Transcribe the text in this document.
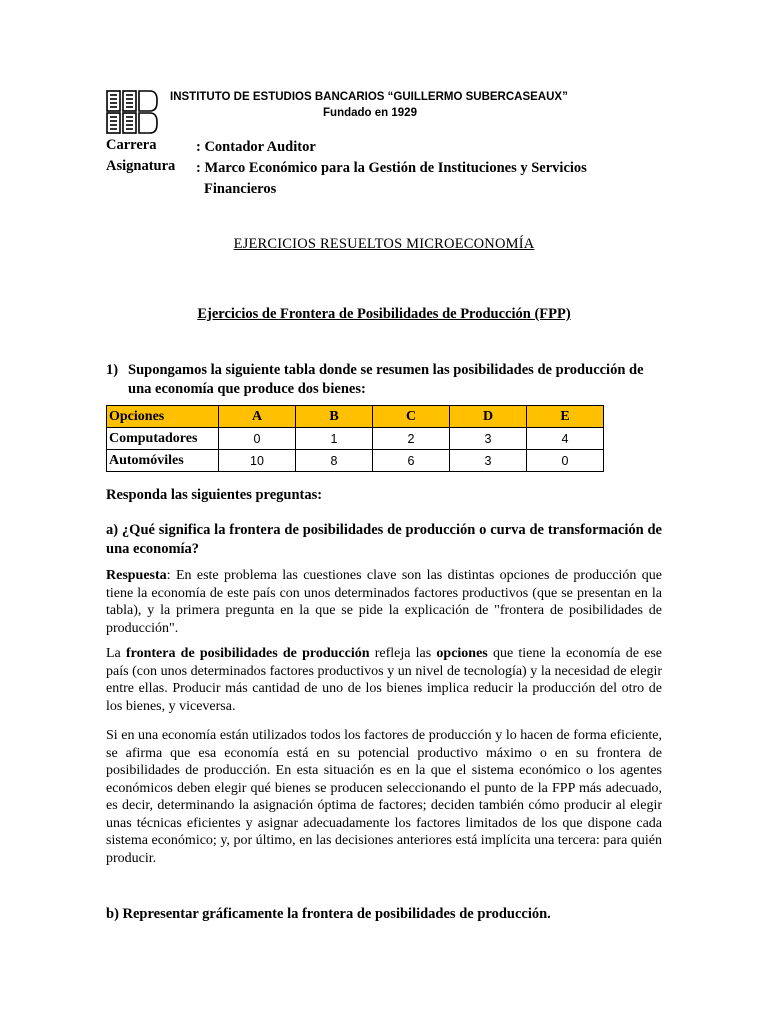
INSTITUTO DE ESTUDIOS BANCARIOS “GUILLERMO SUBERCASEAUX”
Fundado en 1929
Carrera	: Contador Auditor
Asignatura : Marco Económico para la Gestión de Instituciones y Servicios
Financieros
EJERCICIOS RESUELTOS MICROECONOMÍA
Ejercicios de Frontera de Posibilidades de Producción (FPP)
1) Supongamos la siguiente tabla donde se resumen las posibilidades de producción de una economía que produce dos bienes:
Opciones	A	B	C	D	E
Computadores	0	1	2	3	4
Automóviles	10	8	6	3	0
Responda las siguientes preguntas:
a) ¿Qué significa la frontera de posibilidades de producción o curva de transformación de una economía?
Respuesta: En este problema las cuestiones clave son las distintas opciones de producción que tiene la economía de este país con unos determinados factores productivos (que se presentan en la tabla), y la primera pregunta en la que se pide la explicación de "frontera de posibilidades de producción".
La frontera de posibilidades de producción refleja las opciones que tiene la economía de ese país (con unos determinados factores productivos y un nivel de tecnología) y la necesidad de elegir entre ellas. Producir más cantidad de uno de los bienes implica reducir la producción del otro de los bienes, y viceversa.
Si en una economía están utilizados todos los factores de producción y lo hacen de forma eficiente, se afirma que esa economía está en su potencial productivo máximo o en su frontera de posibilidades de producción. En esta situación es en la que el sistema económico o los agentes económicos deben elegir qué bienes se producen seleccionando el punto de la FPP más adecuado, es decir, determinando la asignación óptima de factores; deciden también cómo producir al elegir unas técnicas eficientes y asignar adecuadamente los factores limitados de los que dispone cada sistema económico; y, por último, en las decisiones anteriores está implícita una tercera: para quién producir.
b) Representar gráficamente la frontera de posibilidades de producción.
